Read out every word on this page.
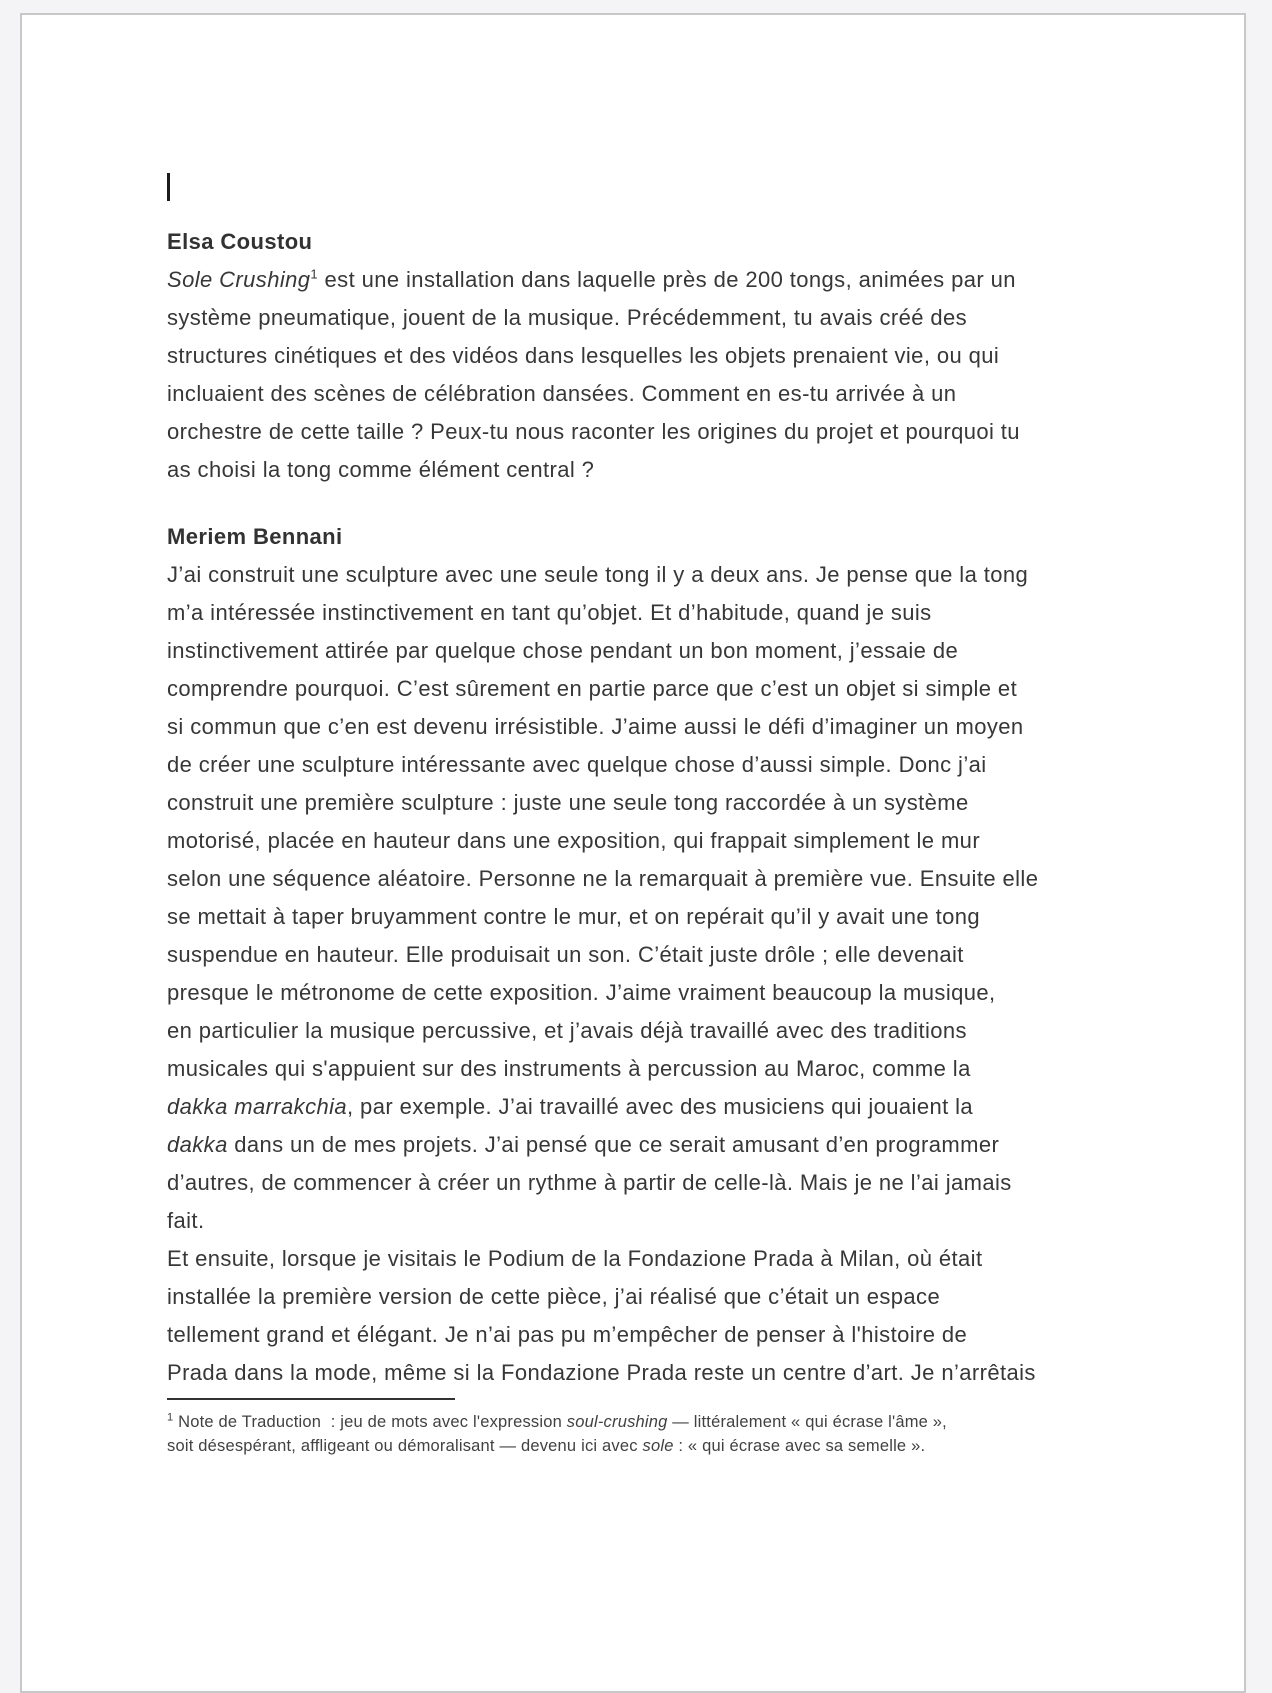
Elsa Coustou
Sole Crushing$^1$ est une installation dans laquelle près de 200 tongs, animées par un
système pneumatique, jouent de la musique. Précédemment, tu avais créé des
structures cinétiques et des vidéos dans lesquelles les objets prenaient vie, ou qui
incluaient des scènes de célébration dansées. Comment en es-tu arrivée à un
orchestre de cette taille ? Peux-tu nous raconter les origines du projet et pourquoi tu
as choisi la tong comme élément central ?
Meriem Bennani
J’ai construit une sculpture avec une seule tong il y a deux ans. Je pense que la tong
m’a intéressée instinctivement en tant qu’objet. Et d’habitude, quand je suis
instinctivement attirée par quelque chose pendant un bon moment, j’essaie de
comprendre pourquoi. C’est sûrement en partie parce que c’est un objet si simple et
si commun que c’en est devenu irrésistible. J’aime aussi le défi d’imaginer un moyen
de créer une sculpture intéressante avec quelque chose d’aussi simple. Donc j’ai
construit une première sculpture : juste une seule tong raccordée à un système
motorisé, placée en hauteur dans une exposition, qui frappait simplement le mur
selon une séquence aléatoire. Personne ne la remarquait à première vue. Ensuite elle
se mettait à taper bruyamment contre le mur, et on repérait qu’il y avait une tong
suspendue en hauteur. Elle produisait un son. C’était juste drôle ; elle devenait
presque le métronome de cette exposition. J’aime vraiment beaucoup la musique,
en particulier la musique percussive, et j’avais déjà travaillé avec des traditions
musicales qui s'appuient sur des instruments à percussion au Maroc, comme la
dakka marrakchia, par exemple. J’ai travaillé avec des musiciens qui jouaient la
dakka dans un de mes projets. J’ai pensé que ce serait amusant d’en programmer
d’autres, de commencer à créer un rythme à partir de celle-là. Mais je ne l’ai jamais
fait.
Et ensuite, lorsque je visitais le Podium de la Fondazione Prada à Milan, où était
installée la première version de cette pièce, j’ai réalisé que c’était un espace
tellement grand et élégant. Je n’ai pas pu m’empêcher de penser à l'histoire de
Prada dans la mode, même si la Fondazione Prada reste un centre d’art. Je n’arrêtais
$^1$ Note de Traduction  : jeu de mots avec l'expression soul-crushing — littéralement « qui écrase l'âme »,
soit désespérant, affligeant ou démoralisant — devenu ici avec sole : « qui écrase avec sa semelle ».
